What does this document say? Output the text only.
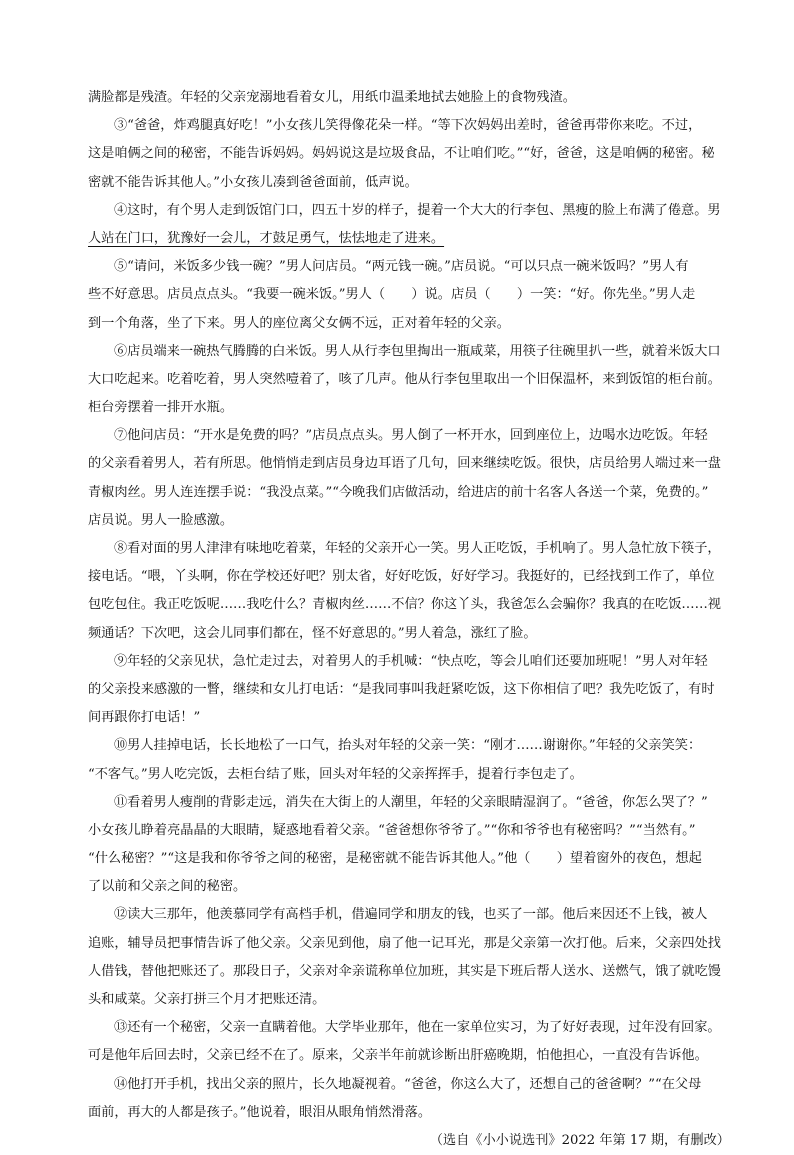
满脸都是残渣。年轻的父亲宠溺地看着女儿，用纸巾温柔地拭去她脸上的食物残渣。
③“爸爸，炸鸡腿真好吃！”小女孩儿笑得像花朵一样。“等下次妈妈出差时，爸爸再带你来吃。不过，
这是咱俩之间的秘密，不能告诉妈妈。妈妈说这是垃圾食品，不让咱们吃。”“好，爸爸，这是咱俩的秘密。秘
密就不能告诉其他人。”小女孩儿凑到爸爸面前，低声说。
④这时，有个男人走到饭馆门口，四五十岁的样子，提着一个大大的行李包、黑瘦的脸上布满了倦意。男
人站在门口，犹豫好一会儿，才鼓足勇气，怯怯地走了进来。
⑤“请问，米饭多少钱一碗？”男人问店员。“两元钱一碗。”店员说。“可以只点一碗米饭吗？”男人有
些不好意思。店员点点头。“我要一碗米饭。”男人（　　）说。店员（　　）一笑：“好。你先坐。”男人走
到一个角落，坐了下来。男人的座位离父女俩不远，正对着年轻的父亲。
⑥店员端来一碗热气腾腾的白米饭。男人从行李包里掏出一瓶咸菜，用筷子往碗里扒一些，就着米饭大口
大口吃起来。吃着吃着，男人突然噎着了，咳了几声。他从行李包里取出一个旧保温杯，来到饭馆的柜台前。
柜台旁摆着一排开水瓶。
⑦他问店员：“开水是免费的吗？”店员点点头。男人倒了一杯开水，回到座位上，边喝水边吃饭。年轻
的父亲看着男人，若有所思。他悄悄走到店员身边耳语了几句，回来继续吃饭。很快，店员给男人端过来一盘
青椒肉丝。男人连连摆手说：“我没点菜。”“今晚我们店做活动，给进店的前十名客人各送一个菜，免费的。”
店员说。男人一脸感激。
⑧看对面的男人津津有味地吃着菜，年轻的父亲开心一笑。男人正吃饭，手机响了。男人急忙放下筷子，
接电话。“喂，丫头啊，你在学校还好吧？别太省，好好吃饭，好好学习。我挺好的，已经找到工作了，单位
包吃包住。我正吃饭呢……我吃什么？青椒肉丝……不信？你这丫头，我爸怎么会骗你？我真的在吃饭……视
频通话？下次吧，这会儿同事们都在，怪不好意思的。”男人着急，涨红了脸。
⑨年轻的父亲见状，急忙走过去，对着男人的手机喊：“快点吃，等会儿咱们还要加班呢！”男人对年轻
的父亲投来感激的一瞥，继续和女儿打电话：“是我同事叫我赶紧吃饭，这下你相信了吧？我先吃饭了，有时
间再跟你打电话！”
⑩男人挂掉电话，长长地松了一口气，抬头对年轻的父亲一笑：“刚才……谢谢你。”年轻的父亲笑笑：
“不客气。”男人吃完饭，去柜台结了账，回头对年轻的父亲挥挥手，提着行李包走了。
⑪看着男人瘦削的背影走远，消失在大街上的人潮里，年轻的父亲眼睛湿润了。“爸爸，你怎么哭了？”
小女孩儿睁着亮晶晶的大眼睛，疑惑地看着父亲。“爸爸想你爷爷了。”“你和爷爷也有秘密吗？”“当然有。”
“什么秘密？”“这是我和你爷爷之间的秘密，是秘密就不能告诉其他人。”他（　　）望着窗外的夜色，想起
了以前和父亲之间的秘密。
⑫读大三那年，他羡慕同学有高档手机，借遍同学和朋友的钱，也买了一部。他后来因还不上钱，被人
追账，辅导员把事情告诉了他父亲。父亲见到他，扇了他一记耳光，那是父亲第一次打他。后来，父亲四处找
人借钱，替他把账还了。那段日子，父亲对伞亲谎称单位加班，其实是下班后帮人送水、送燃气，饿了就吃馒
头和咸菜。父亲打拼三个月才把账还清。
⑬还有一个秘密，父亲一直瞒着他。大学毕业那年，他在一家单位实习，为了好好表现，过年没有回家。
可是他年后回去时，父亲已经不在了。原来，父亲半年前就诊断出肝癌晚期，怕他担心，一直没有告诉他。
⑭他打开手机，找出父亲的照片，长久地凝视着。“爸爸，你这么大了，还想自己的爸爸啊？”“在父母
面前，再大的人都是孩子。”他说着，眼泪从眼角悄然滑落。
（选自《小小说选刊》2022 年第 17 期，有删改）
